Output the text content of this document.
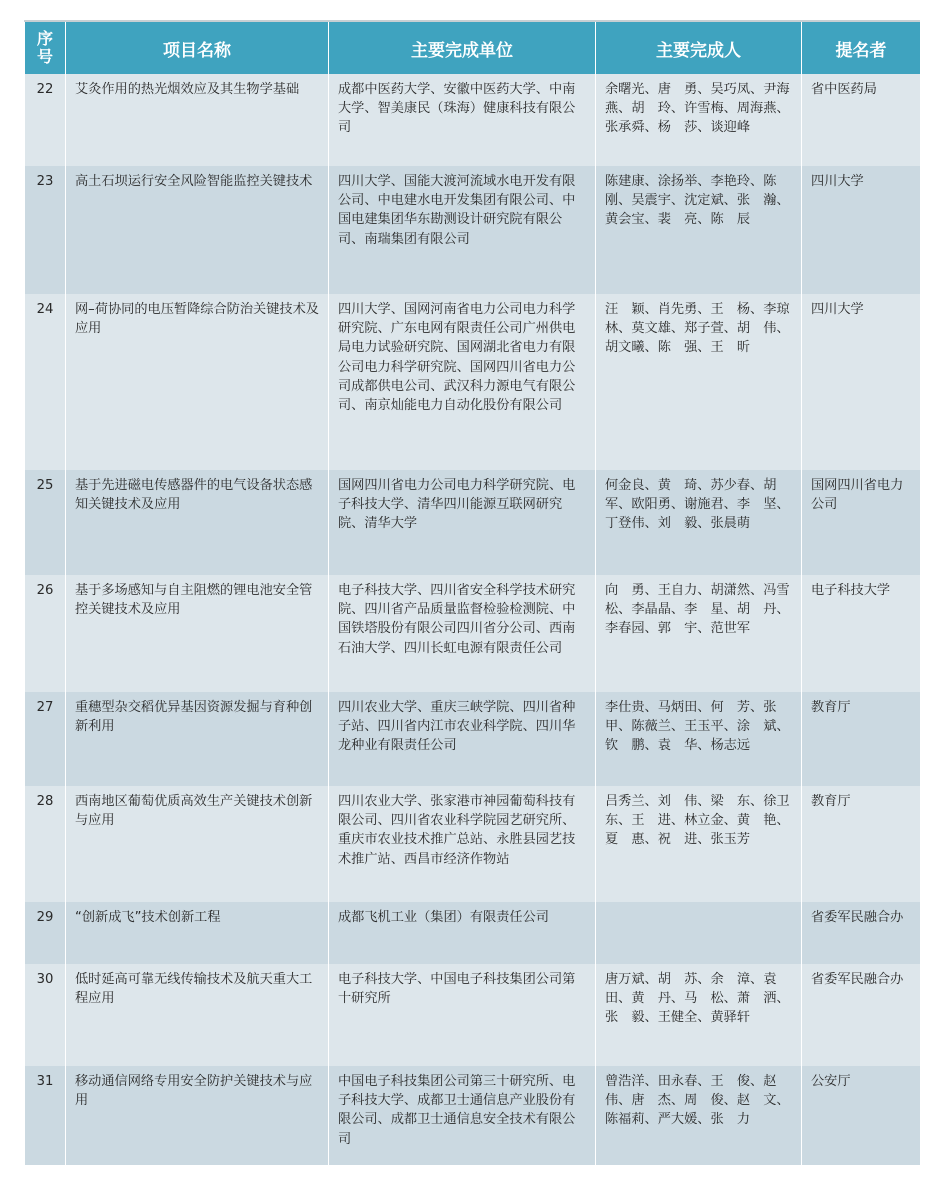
序
号	项目名称	主要完成单位	主要完成人	提名者

22	艾灸作用的热光烟效应及其生物学基础	成都中医药大学、安徽中医药大学、中南大学、智美康民（珠海）健康科技有限公司	余曙光、唐　勇、吴巧凤、尹海燕、胡　玲、许雪梅、周海燕、张承舜、杨　莎、谈迎峰	省中医药局

23	高土石坝运行安全风险智能监控关键技术	四川大学、国能大渡河流域水电开发有限公司、中电建水电开发集团有限公司、中国电建集团华东勘测设计研究院有限公司、南瑞集团有限公司	陈建康、涂扬举、李艳玲、陈　刚、吴震宇、沈定斌、张　瀚、黄会宝、裴　亮、陈　辰	四川大学

24	网–荷协同的电压暂降综合防治关键技术及应用	四川大学、国网河南省电力公司电力科学研究院、广东电网有限责任公司广州供电局电力试验研究院、国网湖北省电力有限公司电力科学研究院、国网四川省电力公司成都供电公司、武汉科力源电气有限公司、南京灿能电力自动化股份有限公司	汪　颖、肖先勇、王　杨、李琼林、莫文雄、郑子萱、胡　伟、胡文曦、陈　强、王　昕	四川大学

25	基于先进磁电传感器件的电气设备状态感知关键技术及应用	国网四川省电力公司电力科学研究院、电子科技大学、清华四川能源互联网研究院、清华大学	何金良、黄　琦、苏少春、胡　军、欧阳勇、谢施君、李　坚、丁登伟、刘　毅、张晨萌	国网四川省电力公司

26	基于多场感知与自主阻燃的锂电池安全管控关键技术及应用	电子科技大学、四川省安全科学技术研究院、四川省产品质量监督检验检测院、中国铁塔股份有限公司四川省分公司、西南石油大学、四川长虹电源有限责任公司	向　勇、王自力、胡潇然、冯雪松、李晶晶、李　星、胡　丹、李春园、郭　宇、范世军	电子科技大学

27	重穗型杂交稻优异基因资源发掘与育种创新利用	四川农业大学、重庆三峡学院、四川省种子站、四川省内江市农业科学院、四川华龙种业有限责任公司	李仕贵、马炳田、何　芳、张　甲、陈薇兰、王玉平、涂　斌、钦　鹏、袁　华、杨志远	教育厅

28	西南地区葡萄优质高效生产关键技术创新与应用	四川农业大学、张家港市神园葡萄科技有限公司、四川省农业科学院园艺研究所、重庆市农业技术推广总站、永胜县园艺技术推广站、西昌市经济作物站	吕秀兰、刘　伟、梁　东、徐卫东、王　进、林立金、黄　艳、夏　惠、祝　进、张玉芳	教育厅

29	“创新成飞”技术创新工程	成都飞机工业（集团）有限责任公司		省委军民融合办

30	低时延高可靠无线传输技术及航天重大工程应用	电子科技大学、中国电子科技集团公司第十研究所	唐万斌、胡　苏、余　漳、袁　田、黄　丹、马　松、萧　洒、张　毅、王健全、黄驿轩	省委军民融合办

31	移动通信网络专用安全防护关键技术与应用	中国电子科技集团公司第三十研究所、电子科技大学、成都卫士通信息产业股份有限公司、成都卫士通信息安全技术有限公司	曾浩洋、田永春、王　俊、赵　伟、唐　杰、周　俊、赵　文、陈福莉、严大媛、张　力	公安厅
